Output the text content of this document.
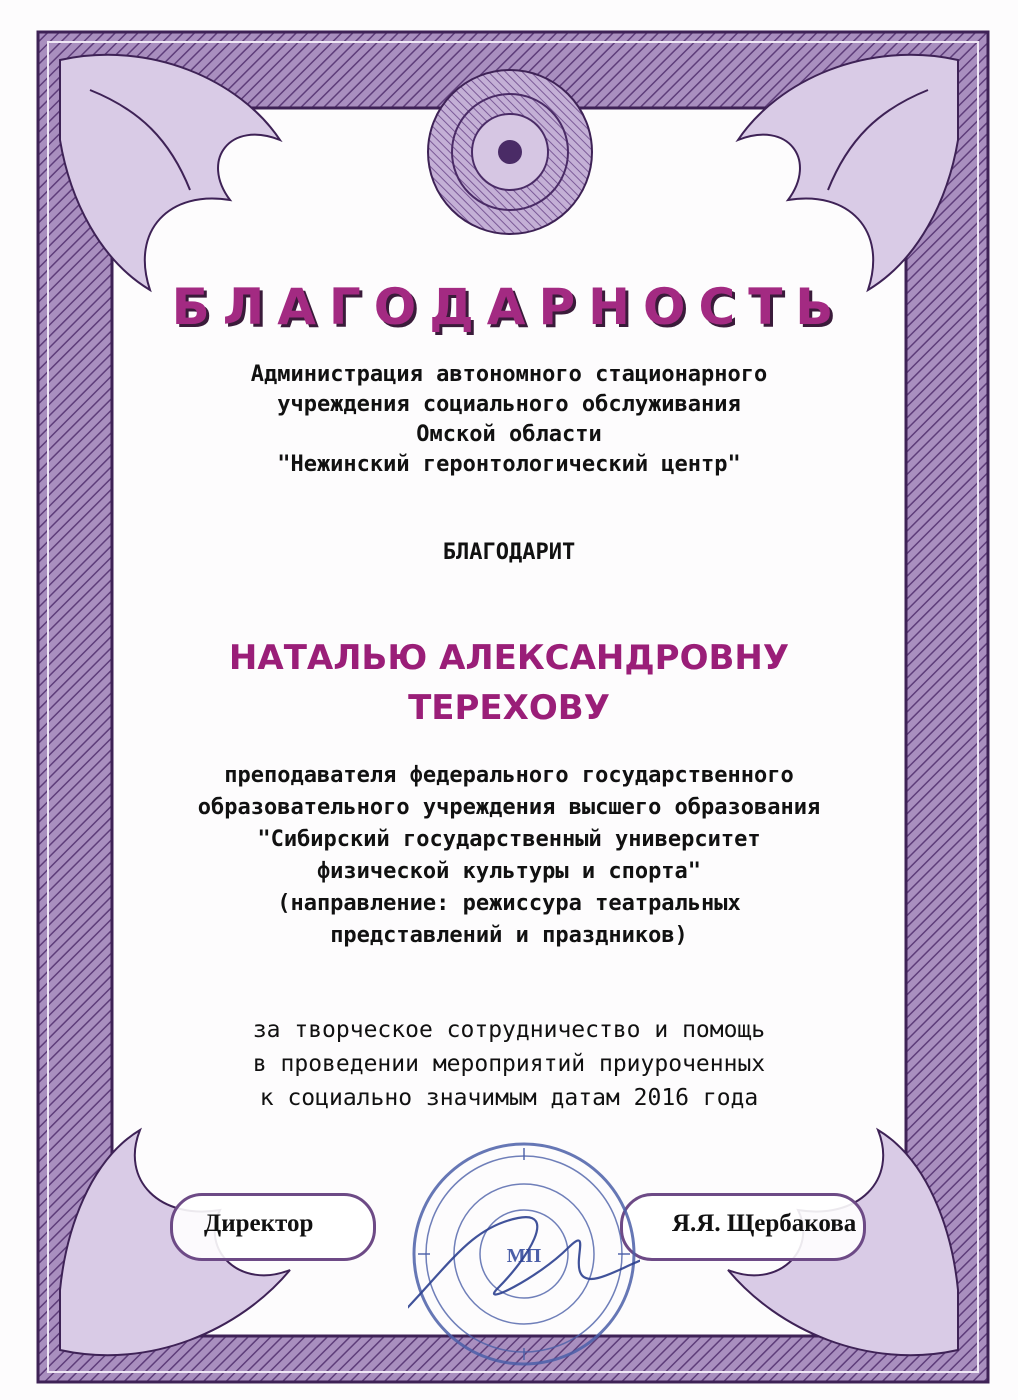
БЛАГОДАРНОСТЬ
Администрация автономного стационарного
учреждения социального обслуживания
Омской области
"Нежинский геронтологический центр"
БЛАГОДАРИТ
НАТАЛЬЮ АЛЕКСАНДРОВНУ
ТЕРЕХОВУ
преподавателя федерального государственного
образовательного учреждения высшего образования
"Сибирский государственный университет
физической культуры и спорта"
(направление: режиссура театральных
представлений и праздников)
за творческое сотрудничество и помощь
в проведении мероприятий приуроченных
к социально значимым датам 2016 года
МП
Директор	Я.Я. Щербакова
